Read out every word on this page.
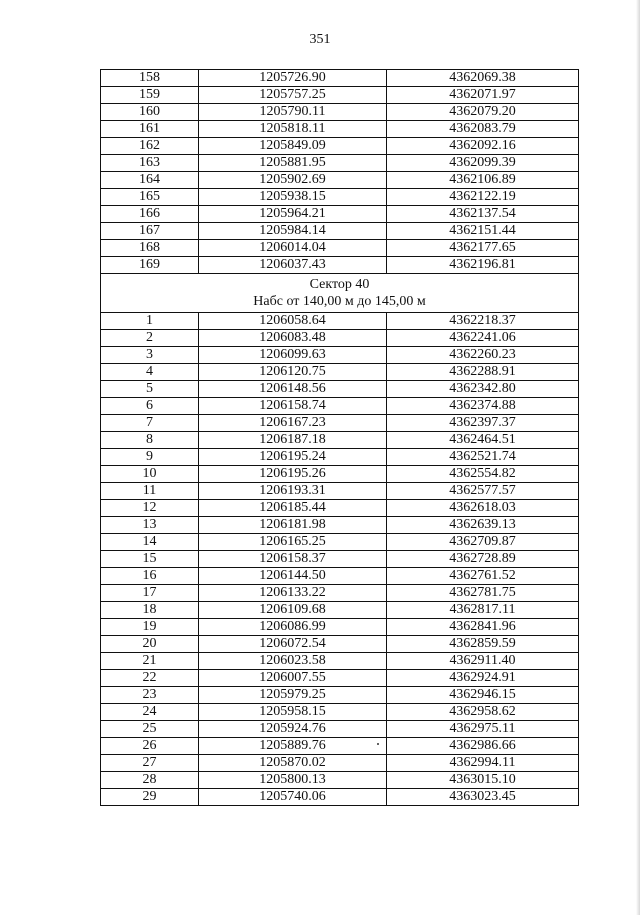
351
158	1205726.90	4362069.38
159	1205757.25	4362071.97
160	1205790.11	4362079.20
161	1205818.11	4362083.79
162	1205849.09	4362092.16
163	1205881.95	4362099.39
164	1205902.69	4362106.89
165	1205938.15	4362122.19
166	1205964.21	4362137.54
167	1205984.14	4362151.44
168	1206014.04	4362177.65
169	1206037.43	4362196.81

Сектор 40
Набс от 140,00 м до 145,00 м		

1	1206058.64	4362218.37
2	1206083.48	4362241.06
3	1206099.63	4362260.23
4	1206120.75	4362288.91
5	1206148.56	4362342.80
6	1206158.74	4362374.88
7	1206167.23	4362397.37
8	1206187.18	4362464.51
9	1206195.24	4362521.74
10	1206195.26	4362554.82
11	1206193.31	4362577.57
12	1206185.44	4362618.03
13	1206181.98	4362639.13
14	1206165.25	4362709.87
15	1206158.37	4362728.89
16	1206144.50	4362761.52
17	1206133.22	4362781.75
18	1206109.68	4362817.11
19	1206086.99	4362841.96
20	1206072.54	4362859.59
21	1206023.58	4362911.40
22	1206007.55	4362924.91
23	1205979.25	4362946.15
24	1205958.15	4362958.62
25	1205924.76	4362975.11
26	1205889.76	4362986.66
27	1205870.02	4362994.11
28	1205800.13	4363015.10
29	1205740.06	4363023.45
